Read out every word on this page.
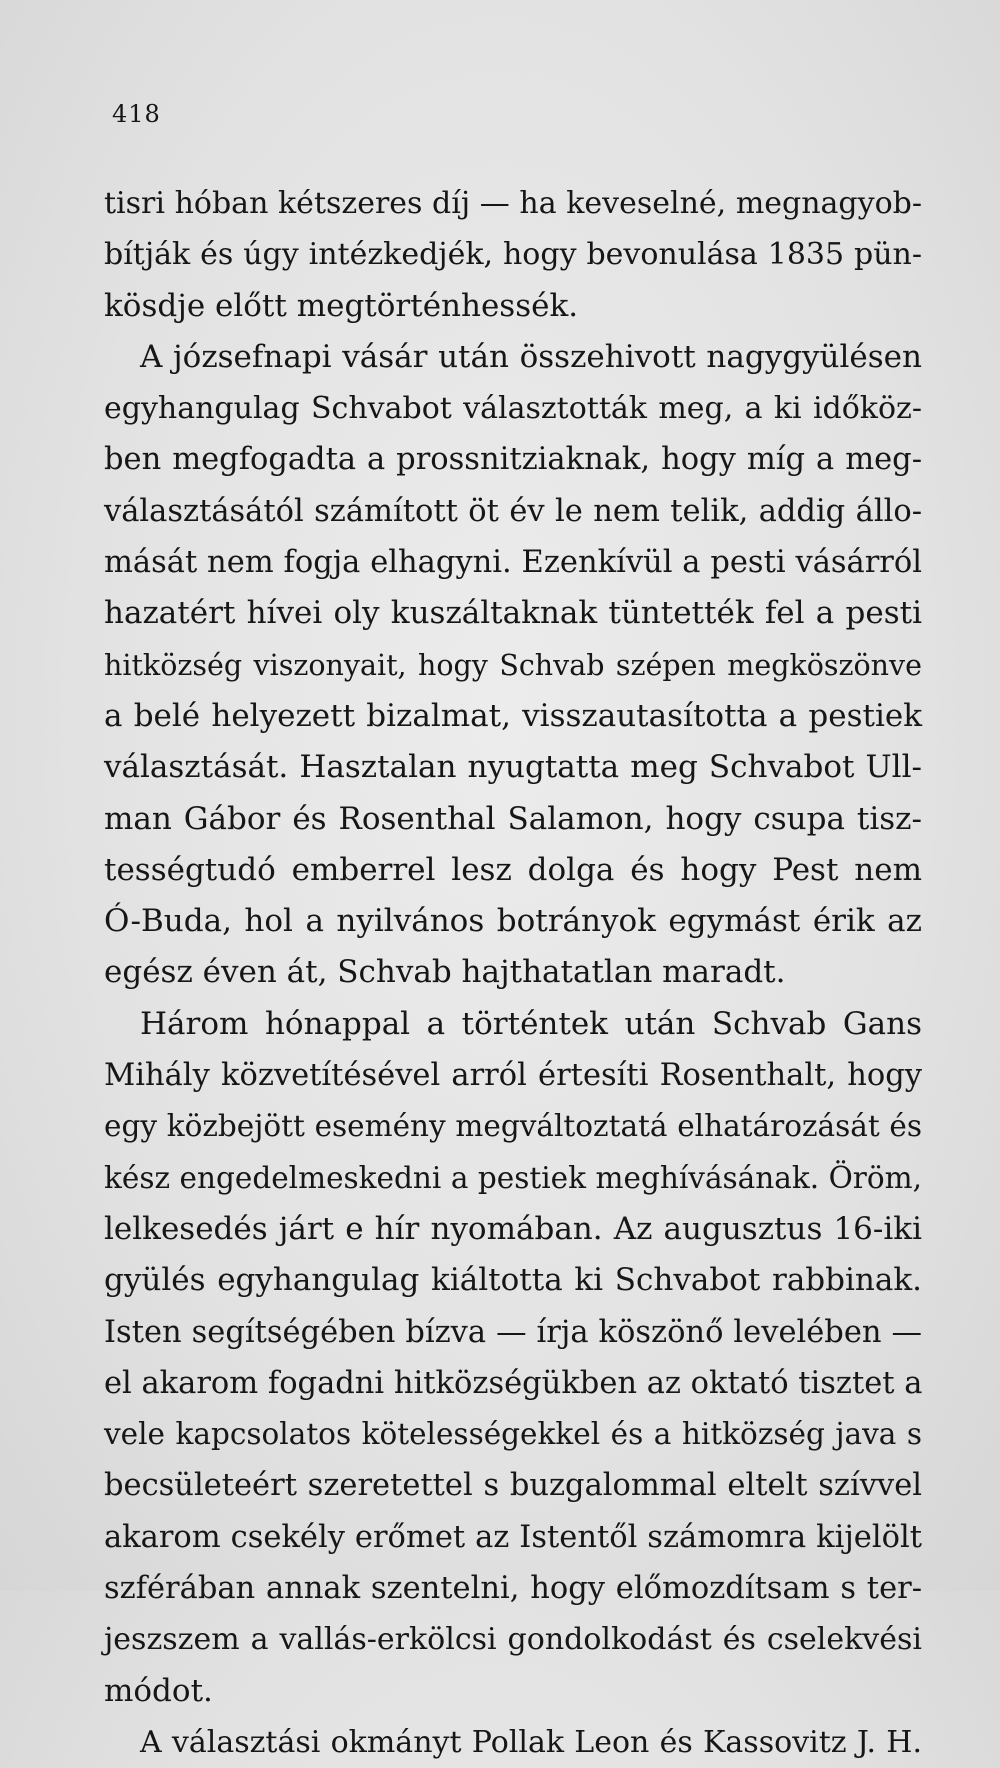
418
tisri hóban kétszeres díj — ha keveselné, megnagyob-
bítják és úgy intézkedjék, hogy bevonulása 1835 pün-
kösdje előtt megtörténhessék.
A józsefnapi vásár után összehivott nagygyülésen
egyhangulag Schvabot választották meg, a ki időköz-
ben megfogadta a prossnitziaknak, hogy míg a meg-
választásától számított öt év le nem telik, addig állo-
mását nem fogja elhagyni. Ezenkívül a pesti vásárról
hazatért hívei oly kuszáltaknak tüntették fel a pesti
hitközség viszonyait, hogy Schvab szépen megköszönve
a belé helyezett bizalmat, visszautasította a pestiek
választását. Hasztalan nyugtatta meg Schvabot Ull-
man Gábor és Rosenthal Salamon, hogy csupa tisz-
tességtudó emberrel lesz dolga és hogy Pest nem
Ó-Buda, hol a nyilvános botrányok egymást érik az
egész éven át, Schvab hajthatatlan maradt.
Három hónappal a történtek után Schvab Gans
Mihály közvetítésével arról értesíti Rosenthalt, hogy
egy közbejött esemény megváltoztatá elhatározását és
kész engedelmeskedni a pestiek meghívásának. Öröm,
lelkesedés járt e hír nyomában. Az augusztus 16-iki
gyülés egyhangulag kiáltotta ki Schvabot rabbinak.
Isten segítségében bízva — írja köszönő levelében —
el akarom fogadni hitközségükben az oktató tisztet a
vele kapcsolatos kötelességekkel és a hitközség java s
becsületeért szeretettel s buzgalommal eltelt szívvel
akarom csekély erőmet az Istentől számomra kijelölt
szférában annak szentelni, hogy előmozdítsam s ter-
jeszszem a vallás-erkölcsi gondolkodást és cselekvési
módot.
A választási okmányt Pollak Leon és Kassovitz J. H.
